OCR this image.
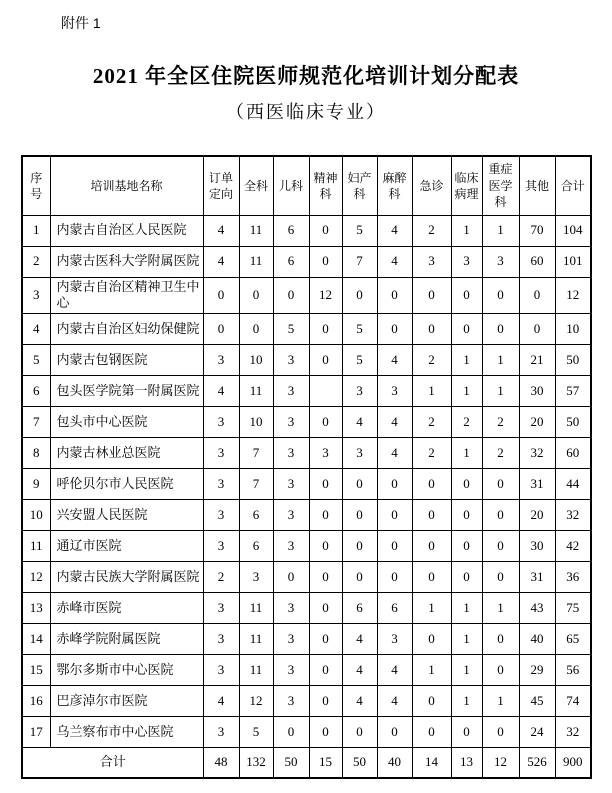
附件 1
2021 年全区住院医师规范化培训计划分配表
（西医临床专业）
序号	培训基地名称	订单定向	全科	儿科	精神科	妇产科	麻醉科	急诊	临床病理	重症医学科	其他	合计
1	内蒙古自治区人民医院	4	11	6	0	5	4	2	1	1	70	104
2	内蒙古医科大学附属医院	4	11	6	0	7	4	3	3	3	60	101
3	内蒙古自治区精神卫生中心	0	0	0	12	0	0	0	0	0	0	12
4	内蒙古自治区妇幼保健院	0	0	5	0	5	0	0	0	0	0	10
5	内蒙古包钢医院	3	10	3	0	5	4	2	1	1	21	50
6	包头医学院第一附属医院	4	11	3		3	3	1	1	1	30	57
7	包头市中心医院	3	10	3	0	4	4	2	2	2	20	50
8	内蒙古林业总医院	3	7	3	3	3	4	2	1	2	32	60
9	呼伦贝尔市人民医院	3	7	3	0	0	0	0	0	0	31	44
10	兴安盟人民医院	3	6	3	0	0	0	0	0	0	20	32
11	通辽市医院	3	6	3	0	0	0	0	0	0	30	42
12	内蒙古民族大学附属医院	2	3	0	0	0	0	0	0	0	31	36
13	赤峰市医院	3	11	3	0	6	6	1	1	1	43	75
14	赤峰学院附属医院	3	11	3	0	4	3	0	1	0	40	65
15	鄂尔多斯市中心医院	3	11	3	0	4	4	1	1	0	29	56
16	巴彦淖尔市医院	4	12	3	0	4	4	0	1	1	45	74
17	乌兰察布市中心医院	3	5	0	0	0	0	0	0	0	24	32
合计		48	132	50	15	50	40	14	13	12	526	900
